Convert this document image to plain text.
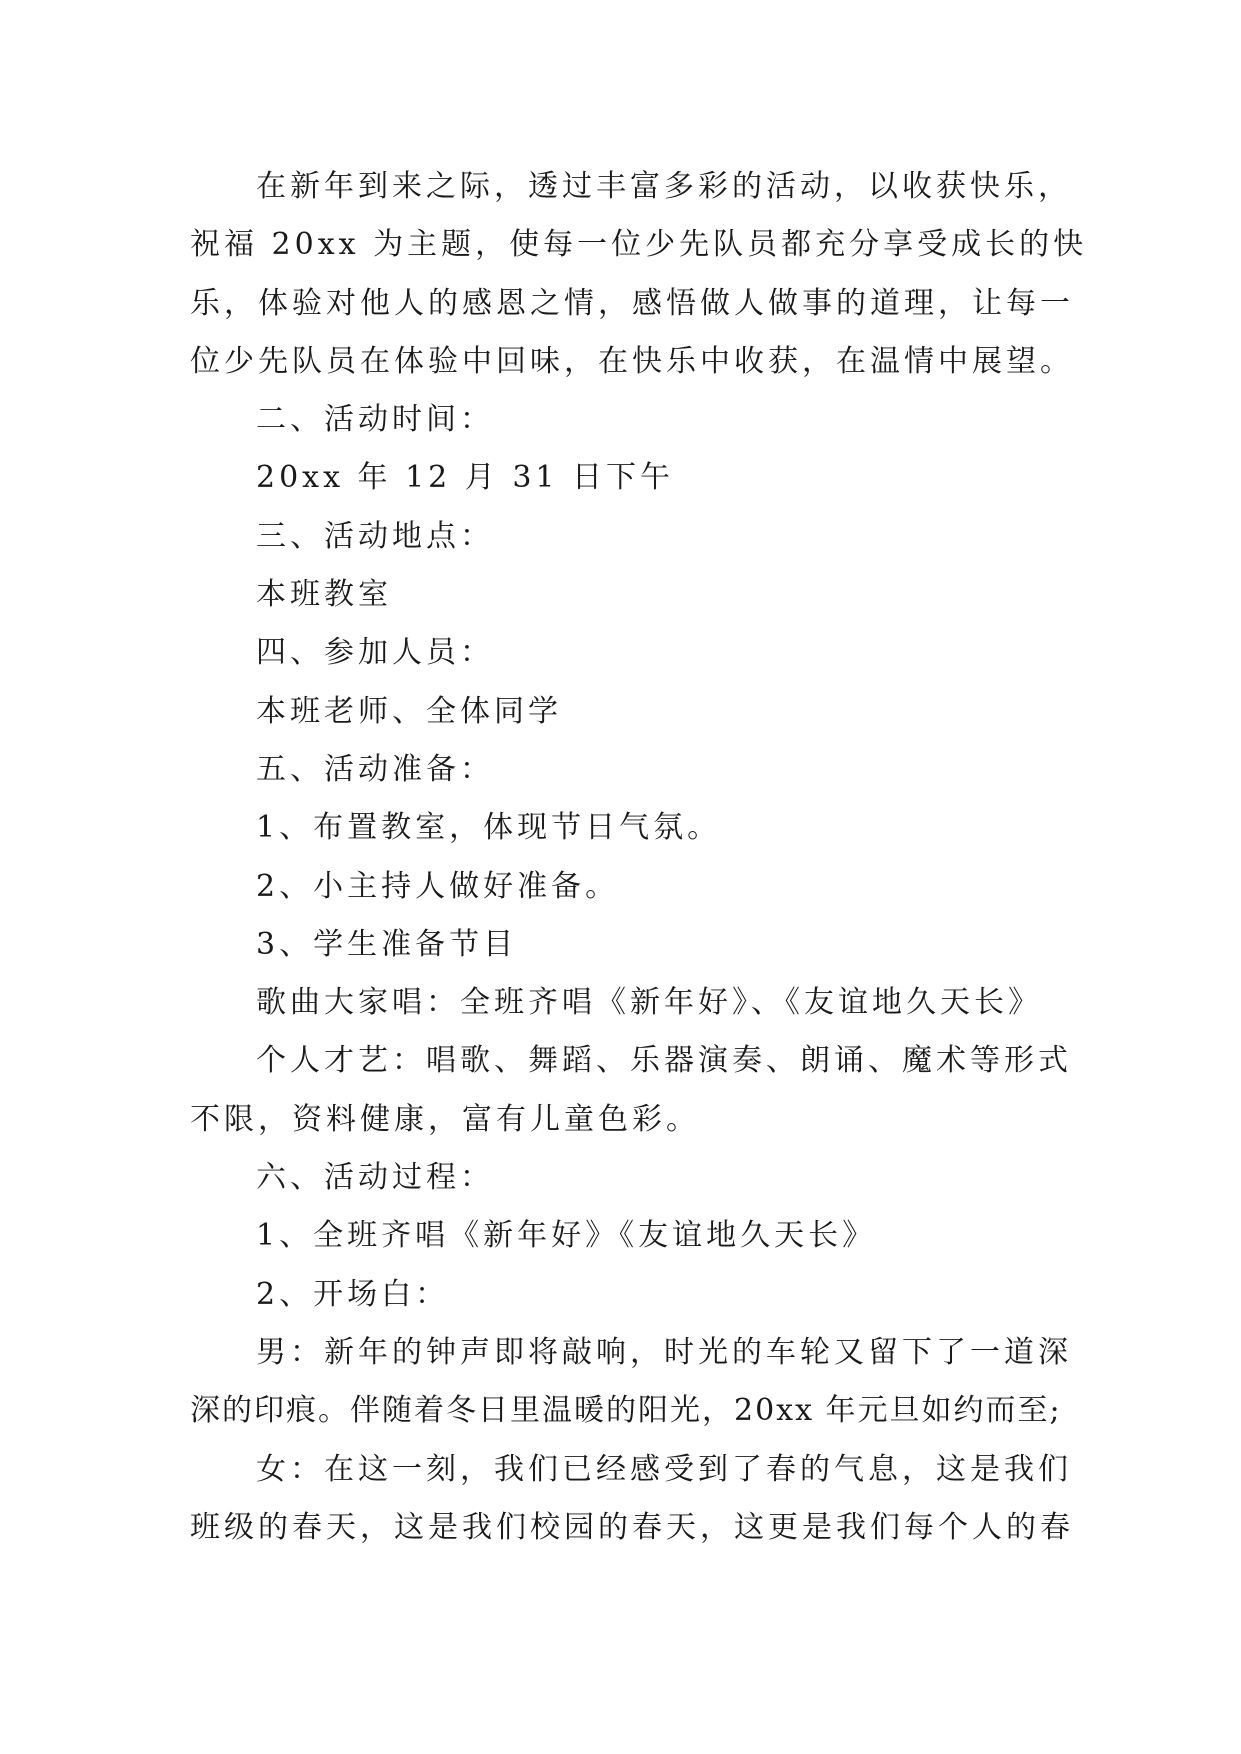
在新年到来之际，透过丰富多彩的活动，以收获快乐，

祝福 20xx 为主题，使每一位少先队员都充分享受成长的快

乐，体验对他人的感恩之情，感悟做人做事的道理，让每一

位少先队员在体验中回味，在快乐中收获，在温情中展望。

二、活动时间：

20xx 年 12 月 31 日下午

三、活动地点：

本班教室

四、参加人员：

本班老师、全体同学

五、活动准备：

1、布置教室，体现节日气氛。

2、小主持人做好准备。

3、学生准备节目

歌曲大家唱：全班齐唱《新年好》、《友谊地久天长》

个人才艺：唱歌、舞蹈、乐器演奏、朗诵、魔术等形式

不限，资料健康，富有儿童色彩。

六、活动过程：

1、全班齐唱《新年好》《友谊地久天长》

2、开场白：

男：新年的钟声即将敲响，时光的车轮又留下了一道深

深的印痕。伴随着冬日里温暖的阳光，20xx 年元旦如约而至;

女：在这一刻，我们已经感受到了春的气息，这是我们

班级的春天，这是我们校园的春天，这更是我们每个人的春
